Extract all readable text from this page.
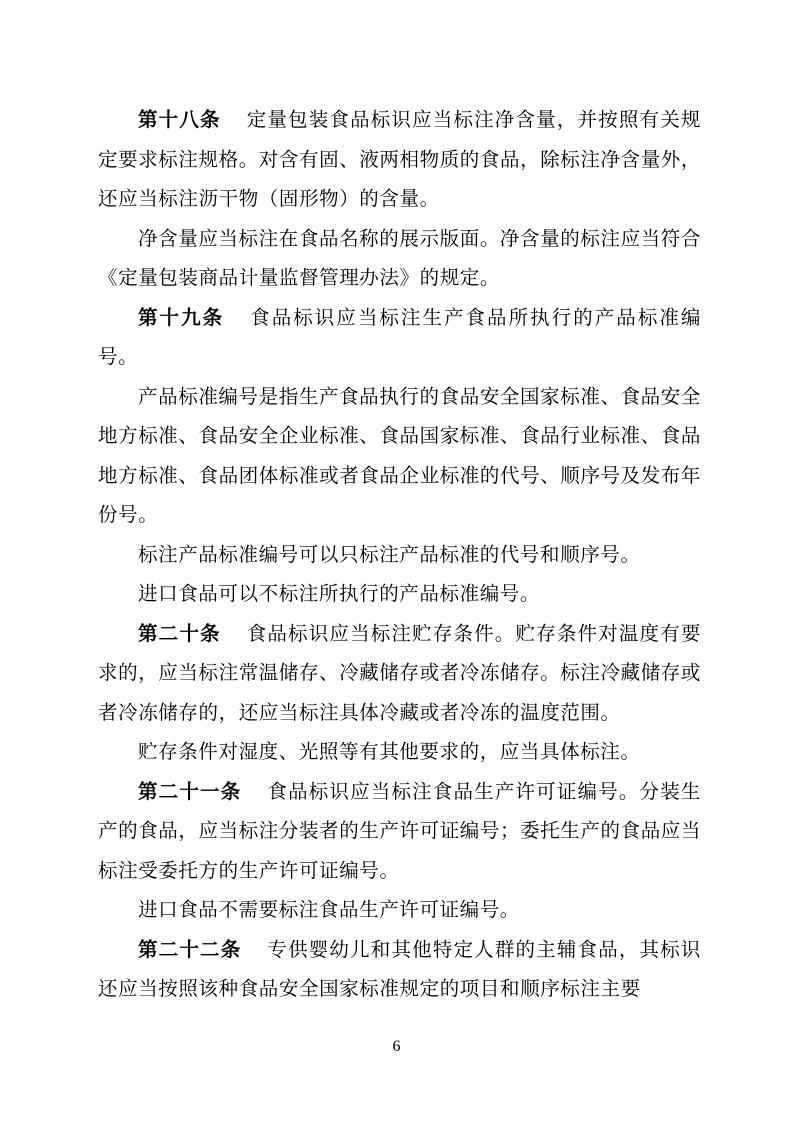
第十八条 定量包装食品标识应当标注净含量，并按照有关规定要求标注规格。对含有固、液两相物质的食品，除标注净含量外，还应当标注沥干物（固形物）的含量。

净含量应当标注在食品名称的展示版面。净含量的标注应当符合《定量包装商品计量监督管理办法》的规定。

第十九条 食品标识应当标注生产食品所执行的产品标准编号。

产品标准编号是指生产食品执行的食品安全国家标准、食品安全地方标准、食品安全企业标准、食品国家标准、食品行业标准、食品地方标准、食品团体标准或者食品企业标准的代号、顺序号及发布年份号。

标注产品标准编号可以只标注产品标准的代号和顺序号。

进口食品可以不标注所执行的产品标准编号。

第二十条 食品标识应当标注贮存条件。贮存条件对温度有要求的，应当标注常温储存、冷藏储存或者冷冻储存。标注冷藏储存或者冷冻储存的，还应当标注具体冷藏或者冷冻的温度范围。

贮存条件对湿度、光照等有其他要求的，应当具体标注。

第二十一条 食品标识应当标注食品生产许可证编号。分装生产的食品，应当标注分装者的生产许可证编号；委托生产的食品应当标注受委托方的生产许可证编号。

进口食品不需要标注食品生产许可证编号。

第二十二条 专供婴幼儿和其他特定人群的主辅食品，其标识还应当按照该种食品安全国家标准规定的项目和顺序标注主要

6
